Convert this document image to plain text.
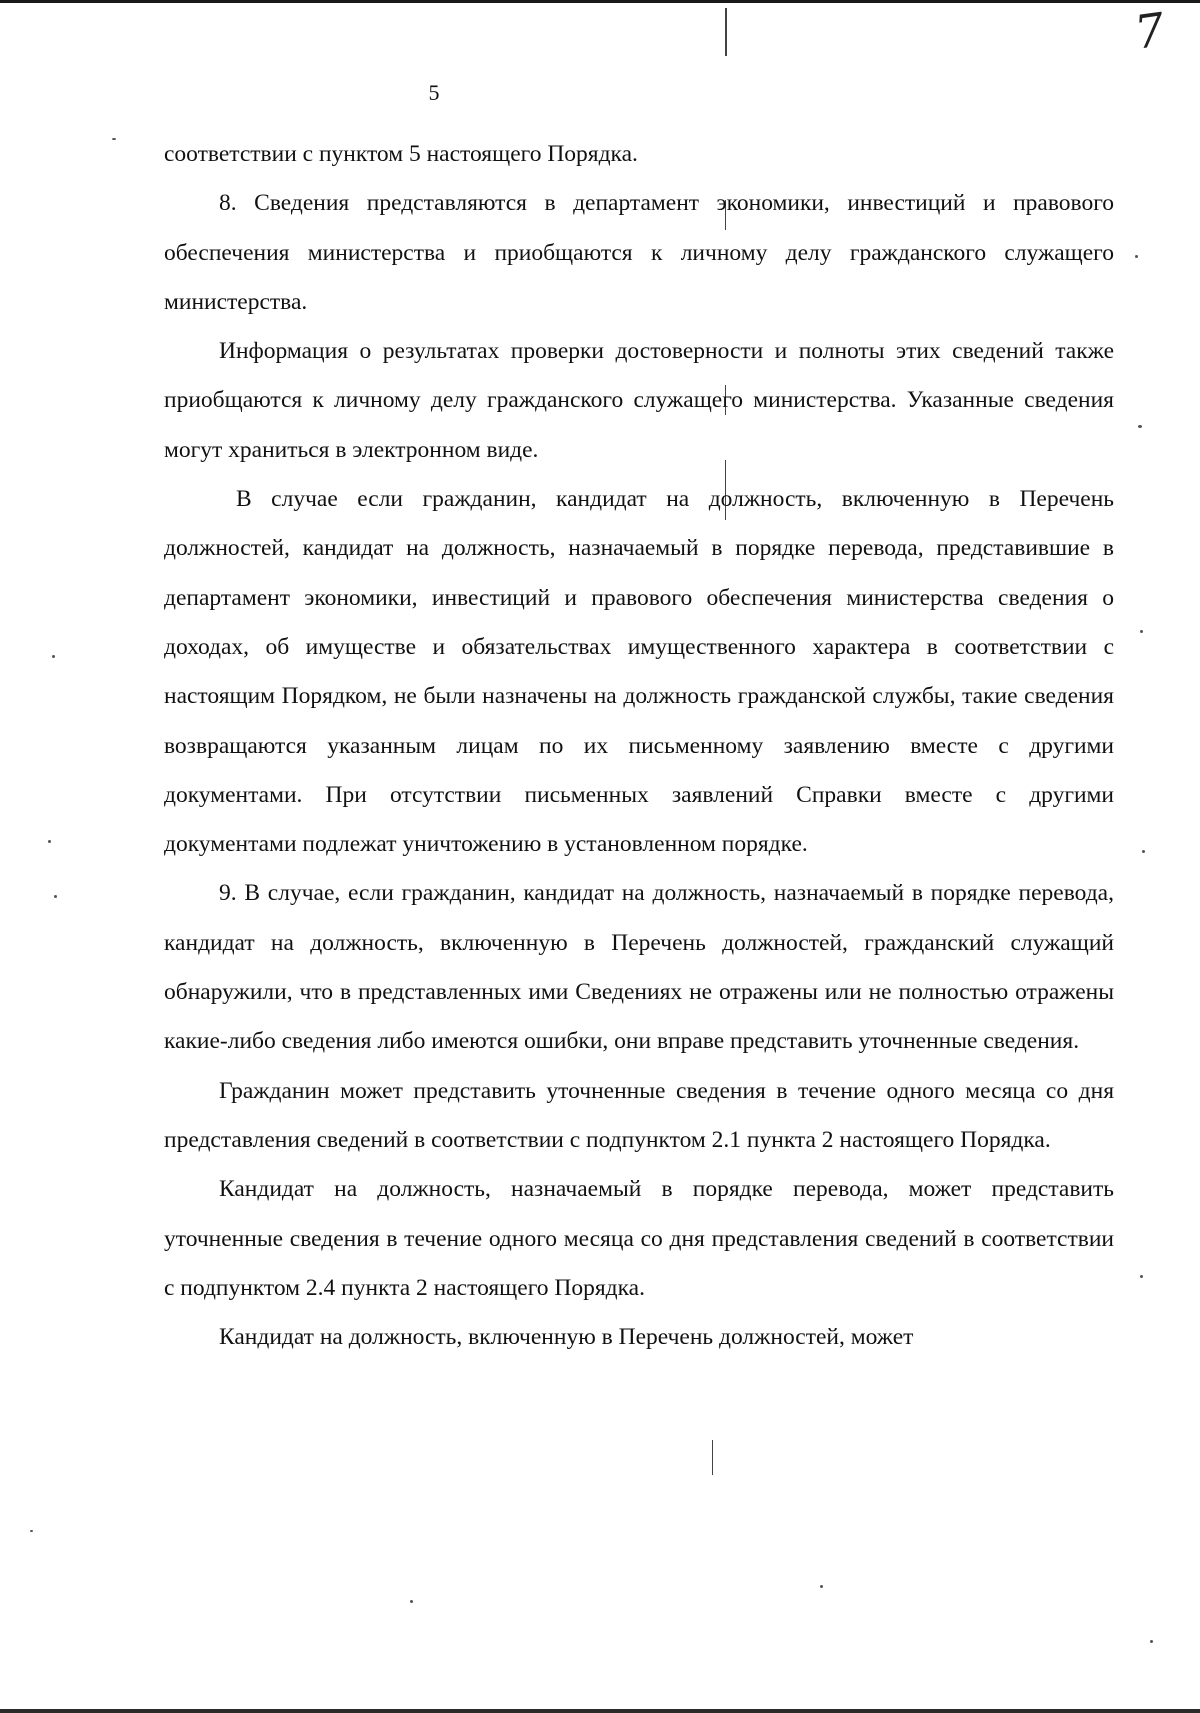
7
5

соответствии с пунктом 5 настоящего Порядка.

8. Сведения представляются в департамент экономики, инвестиций и правового обеспечения министерства и приобщаются к личному делу гражданского служащего министерства.

Информация о результатах проверки достоверности и полноты этих сведений также приобщаются к личному делу гражданского служащего министерства. Указанные сведения могут храниться в электронном виде.

В случае если гражданин, кандидат на должность, включенную в Перечень должностей, кандидат на должность, назначаемый в порядке перевода, представившие в департамент экономики, инвестиций и правового обеспечения министерства сведения о доходах, об имуществе и обязательствах имущественного характера в соответствии с настоящим Порядком, не были назначены на должность гражданской службы, такие сведения возвращаются указанным лицам по их письменному заявлению вместе с другими документами. При отсутствии письменных заявлений Справки вместе с другими документами подлежат уничтожению в установленном порядке.

9. В случае, если гражданин, кандидат на должность, назначаемый в порядке перевода, кандидат на должность, включенную в Перечень должностей, гражданский служащий обнаружили, что в представленных ими Сведениях не отражены или не полностью отражены какие-либо сведения либо имеются ошибки, они вправе представить уточненные сведения.

Гражданин может представить уточненные сведения в течение одного месяца со дня представления сведений в соответствии с подпунктом 2.1 пункта 2 настоящего Порядка.

Кандидат на должность, назначаемый в порядке перевода, может представить уточненные сведения в течение одного месяца со дня представления сведений в соответствии с подпунктом 2.4 пункта 2 настоящего Порядка.

Кандидат на должность, включенную в Перечень должностей, может
